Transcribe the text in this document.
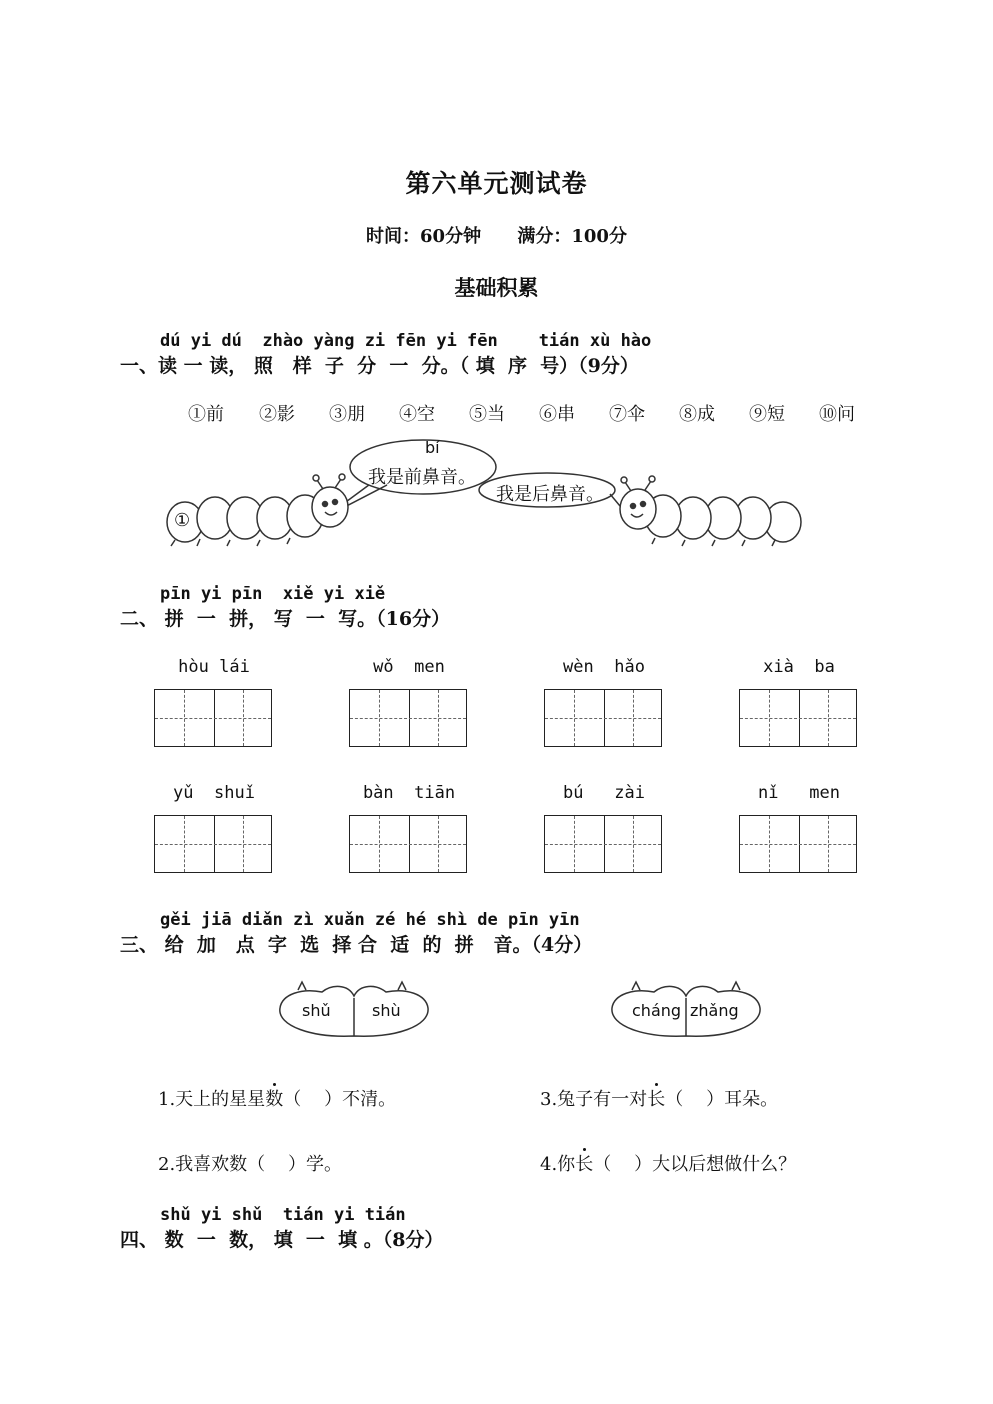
第六单元测试卷
时间：60分钟 满分：100分
基础积累
dú yi dú  zhào yàng zi fēn yi fēn    tián xù hào
一、读 一 读， 照   样  子  分  一  分。（ 填  序  号）（9分）
①前 ②影 ③朋 ④空 ⑤当 ⑥串 ⑦伞 ⑧成 ⑨短 ⑩问
bí
我是前鼻音。
我是后鼻音。
①
pīn yi pīn  xiě yi xiě
二、 拼  一  拼， 写  一  写。（16分）
hòu lái	wǒ  men	wèn  hǎo	xià  ba
yǔ  shuǐ	bàn  tiān	bú   zài	nǐ   men
gěi jiā diǎn zì xuǎn zé hé shì de pīn yīn
三、 给  加   点  字  选  择 合  适  的  拼   音。（4分）
shǔ	shù	cháng zhǎng
1.天上的星星数（    ）不清。
2.我喜欢数（    ）学。
3.兔子有一对长（    ）耳朵。
4.你长（    ）大以后想做什么？
shǔ yi shǔ  tián yi tián
四、 数  一  数， 填  一  填 。（8分）
